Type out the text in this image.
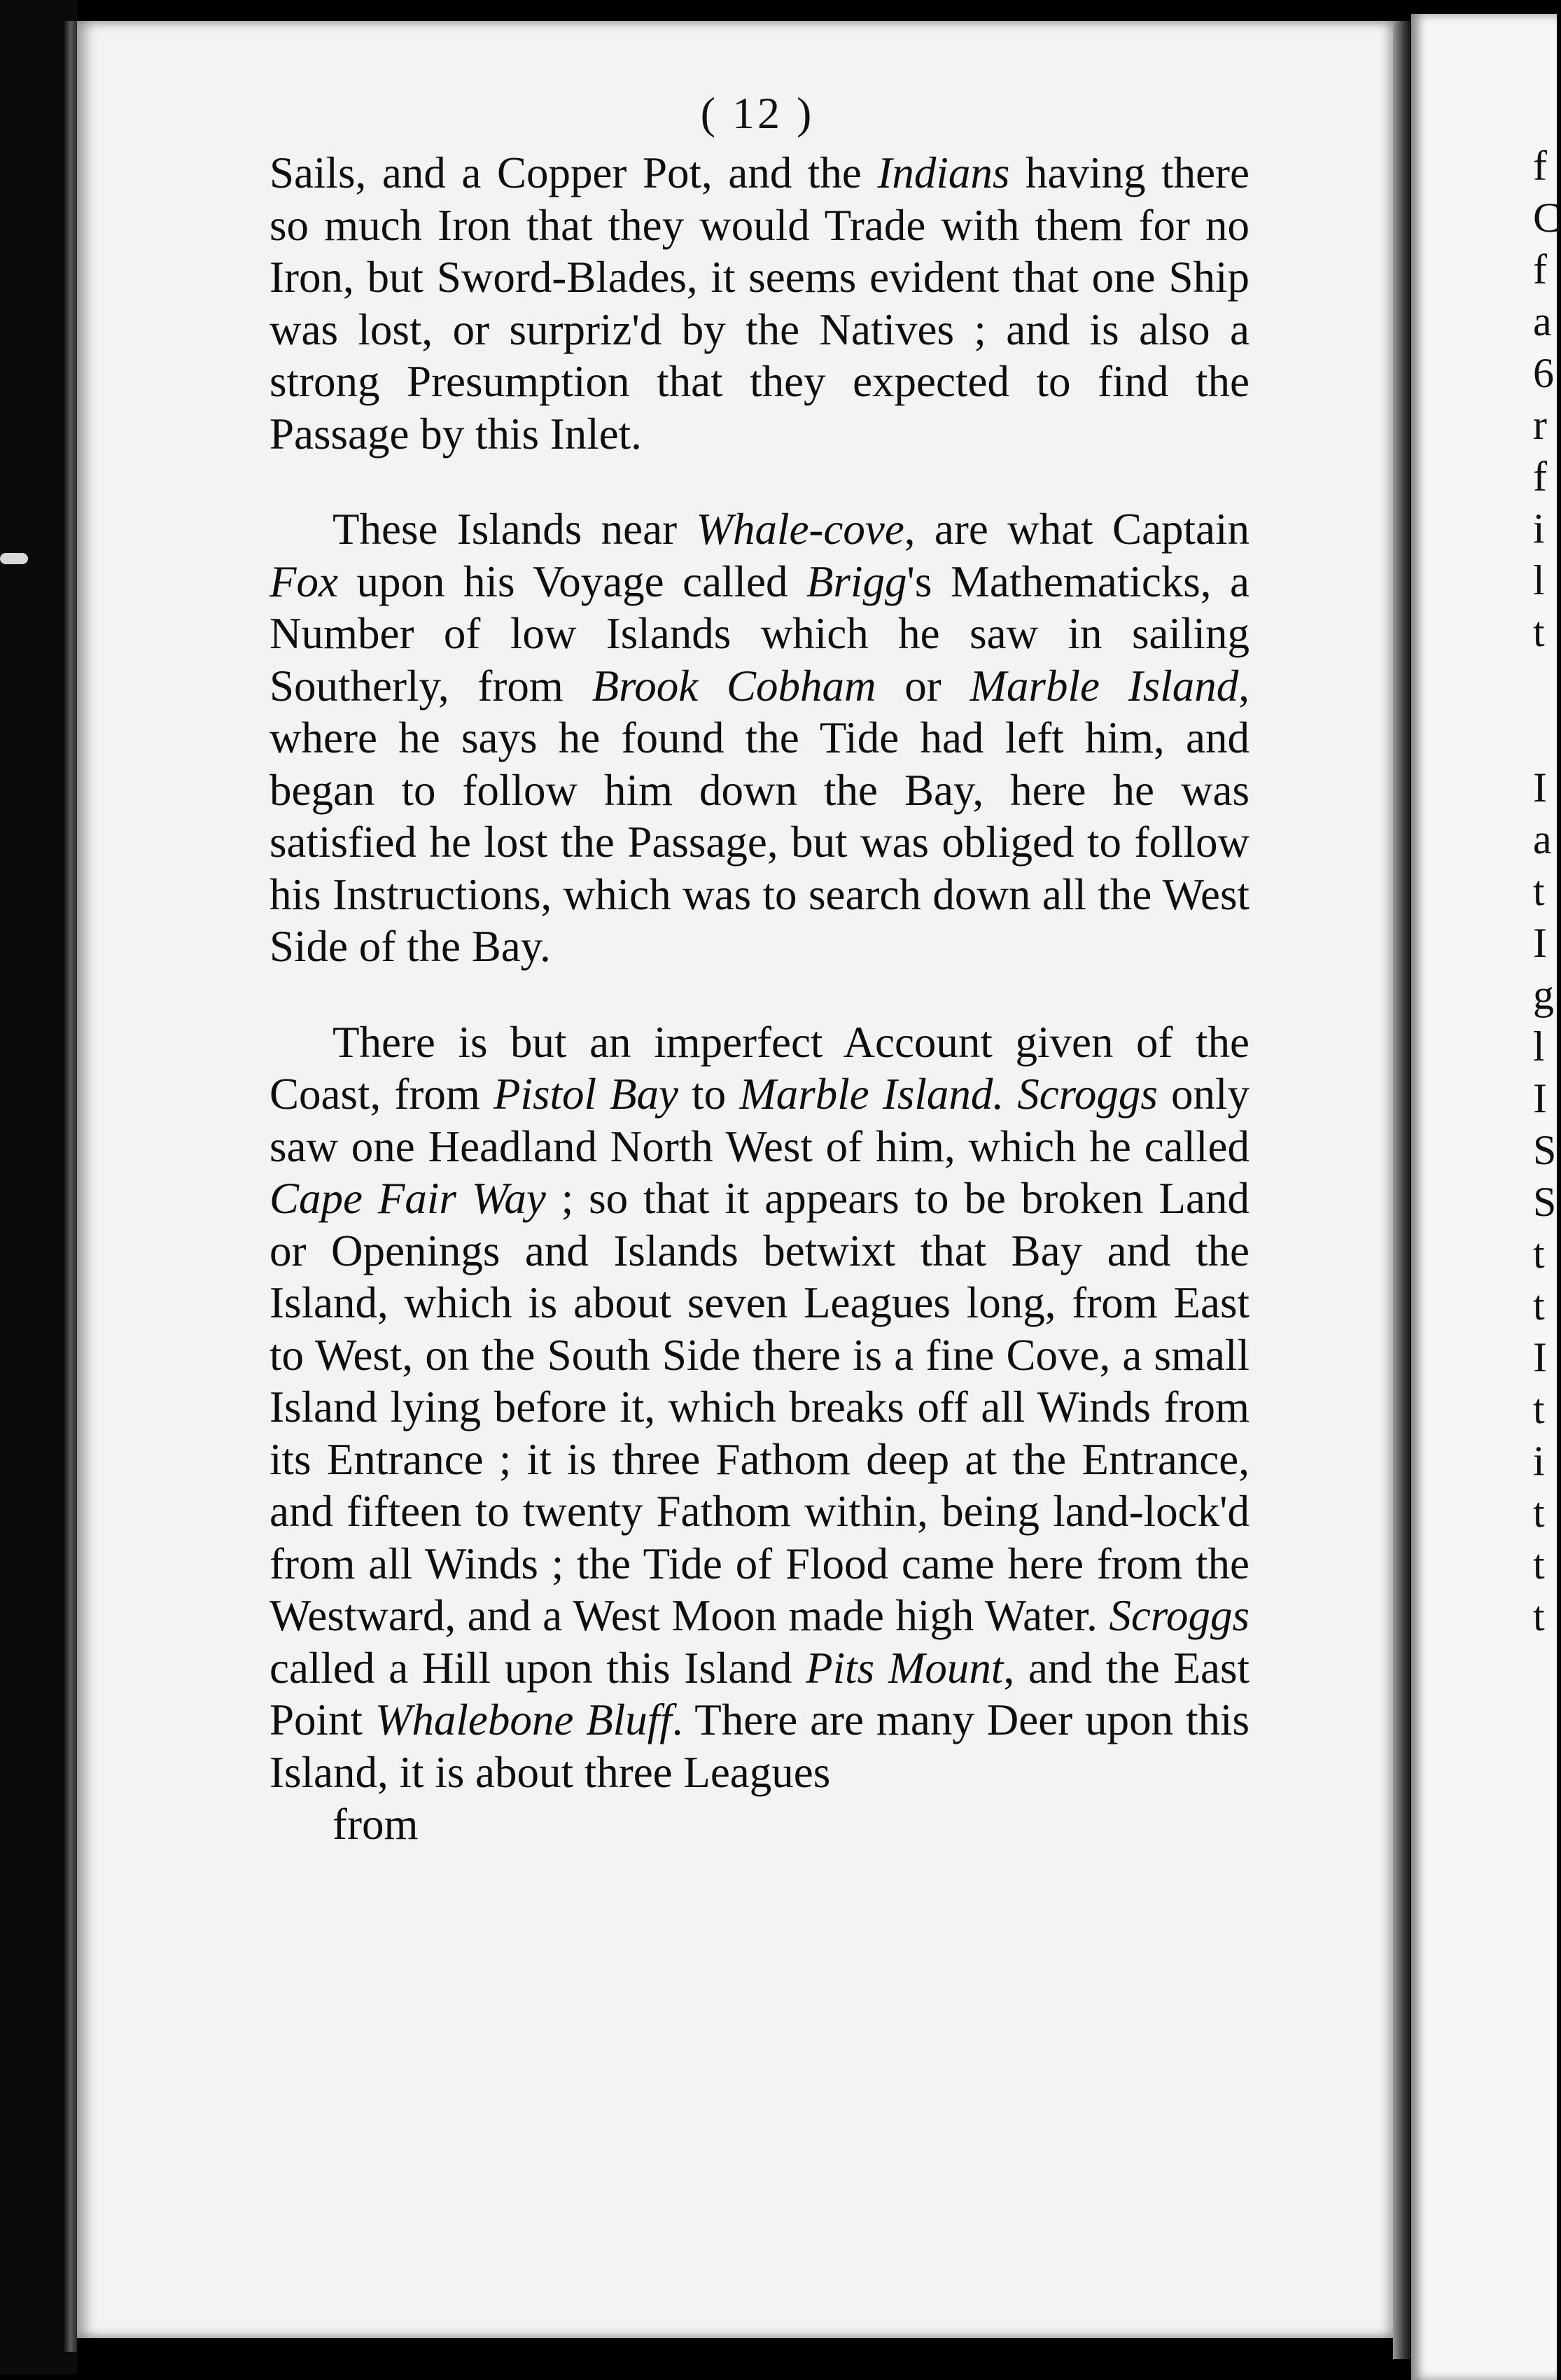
f
C
f
a
6
r
f
i
l
t
I
a
t
I
g
l
I
S
S
t
t
I
t
i
t
t
t
( 12 )

Sails, and a Copper Pot, and the Indians having there so much Iron that they would Trade with them for no Iron, but Sword-Blades, it seems evident that one Ship was lost, or surpriz'd by the Natives ; and is also a strong Presumption that they expected to find the Passage by this Inlet.

These Islands near Whale-cove, are what Captain Fox upon his Voyage called Brigg's Mathematicks, a Number of low Islands which he saw in sailing Southerly, from Brook Cobham or Marble Island, where he says he found the Tide had left him, and began to follow him down the Bay, here he was satisfied he lost the Passage, but was obliged to follow his Instructions, which was to search down all the West Side of the Bay.

There is but an imperfect Account given of the Coast, from Pistol Bay to Marble Island. Scroggs only saw one Headland North West of him, which he called Cape Fair Way ; so that it appears to be broken Land or Openings and Islands betwixt that Bay and the Island, which is about seven Leagues long, from East to West, on the South Side there is a fine Cove, a small Island lying before it, which breaks off all Winds from its Entrance ; it is three Fathom deep at the Entrance, and fifteen to twenty Fathom within, being land-lock'd from all Winds ; the Tide of Flood came here from the Westward, and a West Moon made high Water. Scroggs called a Hill upon this Island Pits Mount, and the East Point Whalebone Bluff. There are many Deer upon this Island, it is about three Leagues
from
